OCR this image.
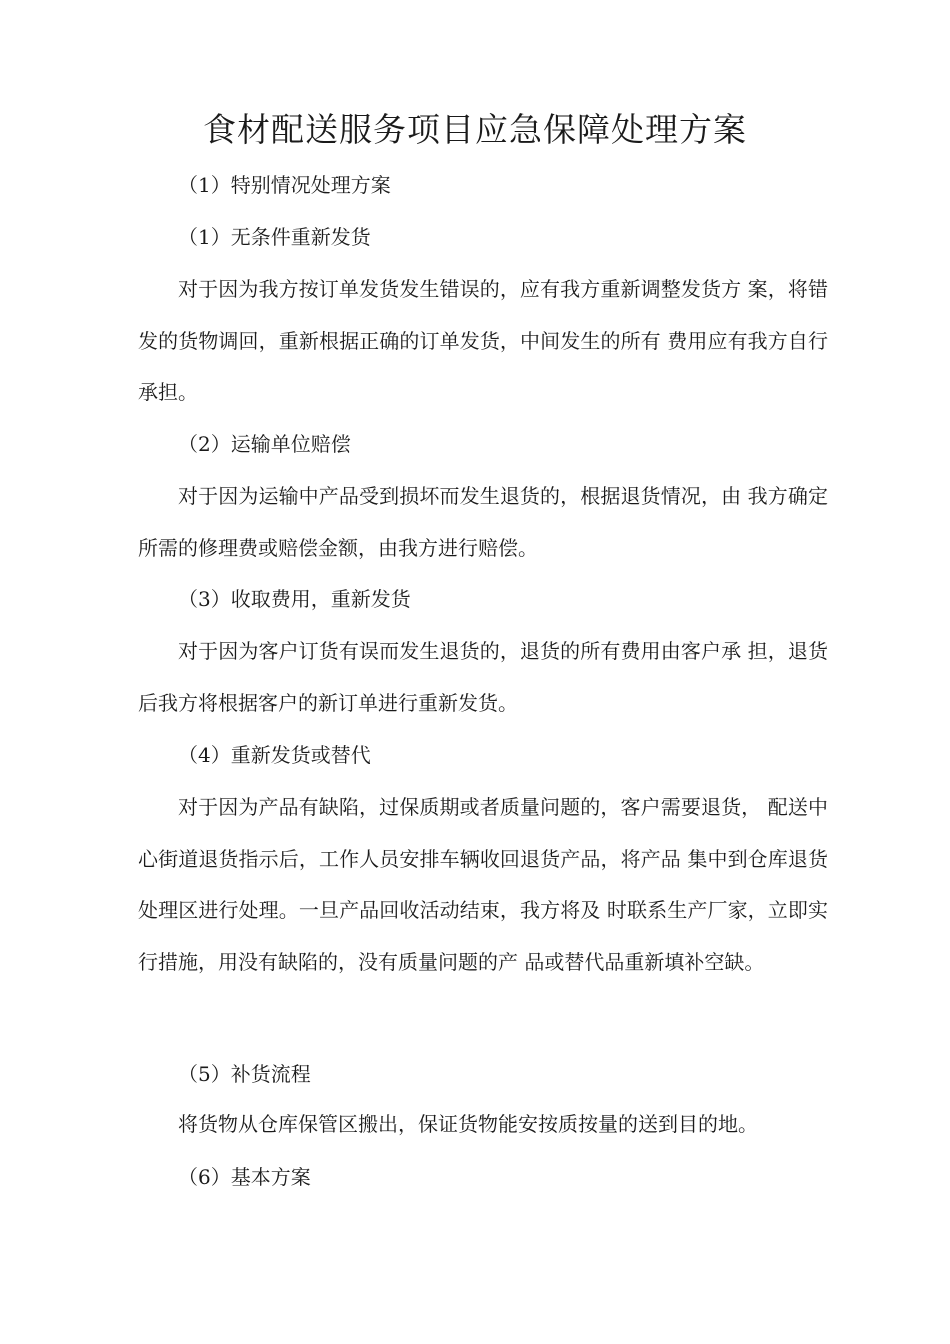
食材配送服务项目应急保障处理方案
（1）特别情况处理方案
（1）无条件重新发货
对于因为我方按订单发货发生错误的，应有我方重新调整发货方 案，将错发的货物调回，重新根据正确的订单发货，中间发生的所有 费用应有我方自行承担。
（2）运输单位赔偿
对于因为运输中产品受到损坏而发生退货的，根据退货情况，由 我方确定所需的修理费或赔偿金额，由我方进行赔偿。
（3）收取费用，重新发货
对于因为客户订货有误而发生退货的，退货的所有费用由客户承 担，退货后我方将根据客户的新订单进行重新发货。
（4）重新发货或替代
对于因为产品有缺陷，过保质期或者质量问题的，客户需要退货， 配送中心街道退货指示后，工作人员安排车辆收回退货产品，将产品 集中到仓库退货处理区进行处理。一旦产品回收活动结束，我方将及 时联系生产厂家，立即实行措施，用没有缺陷的，没有质量问题的产 品或替代品重新填补空缺。
（5）补货流程
将货物从仓库保管区搬出，保证货物能安按质按量的送到目的地。
（6）基本方案
